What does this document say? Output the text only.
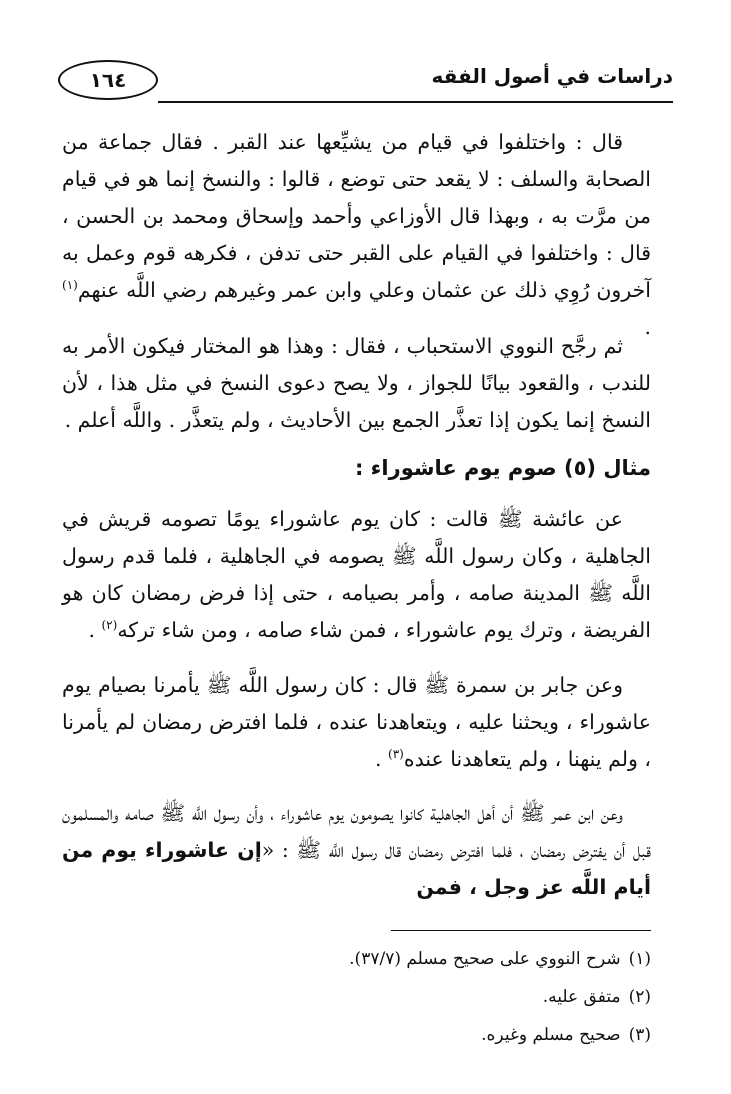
دراسات في أصول الفقه
١٦٤
قال : واختلفوا في قيام من يشيِّعها عند القبر . فقال جماعة من الصحابة والسلف : لا يقعد حتى توضع ، قالوا : والنسخ إنما هو في قيام من مرَّت به ، وبهذا قال الأوزاعي وأحمد وإسحاق ومحمد بن الحسن ، قال : واختلفوا في القيام على القبر حتى تدفن ، فكرهه قوم وعمل به آخرون رُوِي ذلك عن عثمان وعلي وابن عمر وغيرهم رضي اللَّه عنهم$^{(١)}$ .
ثم رجَّح النووي الاستحباب ، فقال : وهذا هو المختار فيكون الأمر به للندب ، والقعود بيانًا للجواز ، ولا يصح دعوى النسخ في مثل هذا ، لأن النسخ إنما يكون إذا تعذَّر الجمع بين الأحاديث ، ولم يتعذَّر . واللَّه أعلم .
مثال (٥) صوم يوم عاشوراء :
عن عائشة ﷺ قالت : كان يوم عاشوراء يومًا تصومه قريش في الجاهلية ، وكان رسول اللَّه ﷺ يصومه في الجاهلية ، فلما قدم رسول اللَّه ﷺ المدينة صامه ، وأمر بصيامه ، حتى إذا فرض رمضان كان هو الفريضة ، وترك يوم عاشوراء ، فمن شاء صامه ، ومن شاء تركه$^{(٢)}$ .
وعن جابر بن سمرة ﷺ قال : كان رسول اللَّه ﷺ يأمرنا بصيام يوم عاشوراء ، ويحثنا عليه ، ويتعاهدنا عنده ، فلما افترض رمضان لم يأمرنا ، ولم ينهنا ، ولم يتعاهدنا عنده$^{(٣)}$ .
وعن ابن عمر ﷺ أن أهل الجاهلية كانوا يصومون يوم عاشوراء ، وأن رسول اللَّه ﷺ صامه والمسلمون قبل أن يفترض رمضان ، فلما افترض رمضان قال رسول اللَّه ﷺ : «إن عاشوراء يوم من أيام اللَّه عز وجل ، فمن
(١)شرح النووي على صحيح مسلم (٣٧/٧).
(٢)متفق عليه.
(٣)صحيح مسلم وغيره.
